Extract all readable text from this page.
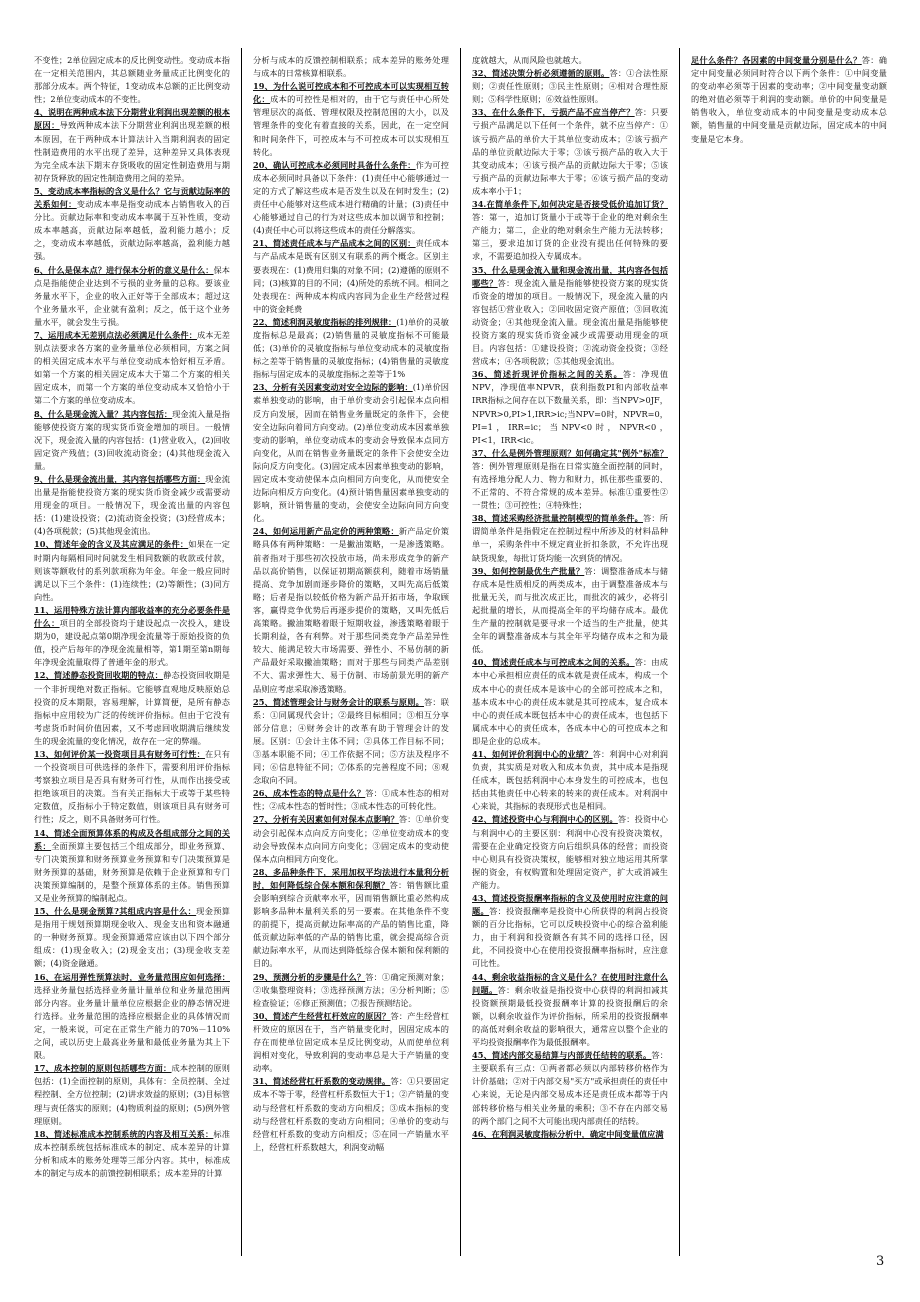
不变性；2单位固定成本的反比例变动性。变动成本指在一定相关范围内，其总额随业务量成正比例变化的那部分成本。两个特征，1变动成本总额的正比例变动性；2单位变动成本的不变性。

4、说明在两种成本法下分期营业利润出现差额的根本原因：导致两种成本法下分期营业利润出现差额的根本原因，在于两种成本计算法计入当期利润表的固定性制造费用的水平出现了差异，这种差异又具体表现为完全成本法下期末存货吸收的固定性制造费用与期初存货释放的固定性制造费用之间的差异。

5、变动成本率指标的含义是什么？它与贡献边际率的关系如何：变动成本率是指变动成本占销售收入的百分比。贡献边际率和变动成本率属于互补性质，变动成本率越高，贡献边际率越低，盈利能力越小；反之，变动成本率越低，贡献边际率越高，盈利能力越强。

6、什么是保本点？进行保本分析的意义是什么：保本点是指能使企业达到不亏损的业务量的总称。要该业务量水平下，企业的收入正好等于全部成本；超过这个业务量水平，企业就有盈利；反之，低于这个业务量水平，就会发生亏损。

7、运用成本无差别点法必须满足什么条件：成本无差别点法要求各方案的业务量单位必须相同，方案之间的相关固定成本水平与单位变动成本恰好相互矛盾。如第一个方案的相关固定成本大于第二个方案的相关固定成本，而第一个方案的单位变动成本又恰恰小于第二个方案的单位变动成本。

8、什么是现金流入量？其内容包括：现金流入量是指能够使投资方案的现实货币资金增加的项目。一般情况下，现金流入量的内容包括：(1)营业收入，(2)回收固定资产残值；(3)回收流动资金；(4)其他现金流入量。

9、什么是现金流出量，其内容包括哪些方面：现金流出量是指能使投资方案的现实货币资金减少或需要动用现金的项目。一般情况下，现金流出量的内容包括：(1)建设投资；(2)流动资金投资；(3)经营成本；(4)各项税款；(5)其他现金流出。

10、简述年金的含义及其应满足的条件：如果在一定时期内每隔相同时间就发生相同数额的收款或付款，则该等额收付的系列款项称为年金。年金一般应同时满足以下三个条件：(1)连续性；(2)等额性；(3)同方向性。

11、运用特殊方法计算内部收益率的充分必要条件是什么：项目的全部投资均于建设起点一次投入，建设期为0，建设起点第0期净现金流量等于原始投资的负值，投产后每年的净现金流量相等，第1期至第n期每年净现金流量取得了普通年金的形式。

12、简述静态投资回收期的特点：静态投资回收期是一个非折现绝对数正指标。它能够直观地反映原始总投资的反本期限，容易理解，计算简便，是所有静态指标中应用较为广泛的传统评价指标。但由于它没有考虑货币时间价值因素，又不考虑回收期满后继续发生的现金流量的变化情况，故存在一定的弊端。

13、如何评价某一投资项目具有财务可行性：在只有一个投资项目可供选择的条件下，需要利用评价指标考察独立项目是否具有财务可行性，从而作出接受或拒绝该项目的决策。当有关正指标大于或等于某些特定数值，反指标小于特定数值，则该项目具有财务可行性；反之，则不具备财务可行性。

14、简述全面预算体系的构成及各组成部分之间的关系：全面预算主要包括三个组成部分，即业务预算、专门决策预算和财务预算业务预算和专门决策预算是财务预算的基础，财务预算是依赖于企业预算和专门决策预算编制的，是整个预算体系的主体。销售预算又是业务预算的编制起点。

15、什么是现金预算?其组成内容是什么：现金预算是指用于规划预算期现金收入、现金支出和资本融通的一种财务预算。现金预算通常应该由以下四个部分组成：(1)现金收入；(2)现金支出；(3)现金收支差额；(4)资金融通。

16、在运用弹性预算法时，业务量范围应如何选择：选择业务量包括选择业务量计量单位和业务量范围两部分内容。业务量计量单位应根据企业的静态情况进行选择。业务量范围的选择应根据企业的具体情况而定，一般来说，可定在正常生产能力的70%－110%之间，或以历史上最高业务量和最低业务量为其上下限。

17、成本控制的原则包括哪些方面：成本控制的原则包括：(1)全面控制的原则，具体有：全员控制、全过程控制、全方位控制；(2)讲求效益的原则；(3)目标管理与责任落实的原则；(4)物质利益的原则；(5)例外管理原则。

18、简述标准成本控制系统的内容及相互关系：标准成本控制系统包括标准成本的制定、成本差异的计算分析和成本的账务处理等三部分内容。其中，标准成本的制定与成本的前馈控制相联系；成本差异的计算

分析与成本的反馈控制相联系；成本差异的账务处理与成本的日常核算相联系。

19、为什么说可控成本和不可控成本可以实现相互转化：成本的可控性是相对的，由于它与责任中心所处管理层次的高低、管理权限及控制范围的大小，以及管理条件的变化有着直接的关系，因此，在一定空间和时间条件下，可控成本与不可控成本可以实现相互转化。

20、确认可控成本必须同时具备什么条件：作为可控成本必须同时具备以下条件：(1)责任中心能够通过一定的方式了解这些成本是否发生以及在何时发生；(2)责任中心能够对这些成本进行精确的计量；(3)责任中心能够通过自己的行为对这些成本加以调节和控制；(4)责任中心可以将这些成本的责任分解落实。

21、简述责任成本与产品成本之间的区别：责任成本与产品成本是既有区别又有联系的两个概念。区别主要表现在：(1)费用归集的对象不同；(2)遵循的原则不同；(3)核算的目的不同；(4)所处的系统不同。相同之处表现在：两种成本构成内容同为企业生产经营过程中的资金耗费

22、简述利润灵敏度指标的排列规律：(1)单价的灵敏度指标总是最高；(2)销售量的灵敏度指标不可能最低；(3)单价的灵敏度指标与单位变动成本的灵敏度指标之差等于销售量的灵敏度指标；(4)销售量的灵敏度指标与固定成本的灵敏度指标之差等于1%

23、分析有关因素变动对安全边际的影响：(1)单价因素单独变动的影响，由于单价变动会引起保本点向相反方向发展，因而在销售业务量既定的条件下，会使安全边际向着同方向变动。(2)单位变动成本因素单独变动的影响，单位变动成本的变动会导致保本点同方向变化，从而在销售业务量既定的条件下会使安全边际向反方向变化。(3)固定成本因素单独变动的影响，固定成本变动使保本点向相同方向变化，从而使安全边际向相反方向变化。(4)预计销售量因素单独变动的影响，预计销售量的变动，会使安全边际向同方向变化。

24、如何运用新产品定价的两种策略：新产品定价策略具体有两种策略：一是撇油策略，一是渗透策略。前者指对于那些初次投放市场，尚未形成竞争的新产品以高价销售，以保证初期高额获利，随着市场销量提高、竞争加剧而逐步降价的策略，又叫先高后低策略；后者是指以较低价格为新产品开拓市场，争取顾客，赢得竞争优势后再逐步提价的策略，又叫先低后高策略。撇油策略着眼于短期收益，渗透策略着眼于长期利益，各有利弊。对于那些同类竞争产品差异性较大、能满足较大市场需要、弹性小、不易仿制的新产品最好采取撇油策略；而对于那些与同类产品差别不大、需求弹性大、易于仿制、市场前景光明的新产品则应考虑采取渗透策略。

25、简述管理会计与财务会计的联系与原则。答：联系：①同属现代会计；②最终目标相同；③相互分享部分信息；④财务会计的改革有助于管理会计的发展。区别：①会计主体不同；②具体工作目标不同；③基本职能不同；④工作依据不同；⑤方法及程序不同；⑥信息特征不同；⑦体系的完善程度不同；⑧观念取向不同。

26、成本性态的特点是什么？答：①成本性态的相对性；②成本性态的暂时性；③成本性态的可转化性。

27、分析有关因素如何对保本点影响？答：①单价变动会引起保本点向反方向变化；②单位变动成本的变动会导致保本点向同方向变化；③固定成本的变动使保本点向相同方向变化。

28、多品种条件下，采用加权平均法进行本量利分析时，如何降低综合保本额和保利额？答：销售额比重会影响到综合贡献率水平，因而销售额比重必然构成影响多品种本量利关系的另一要素。在其他条件不变的前提下，提高贡献边际率高的产品的销售比重，降低贡献边际率低的产品的销售比重，就会提高综合贡献边际率水平，从而达到降低综合保本额和保利额的目的。

29、预测分析的步骤是什么？答：①确定预测对象；②收集整理资料；③选择预测方法；④分析判断；⑤检查验证；⑥修正预测值；⑦报告预测结论。

30、简述产生经营杠杆效应的原因？答：产生经营杠杆效应的原因在于，当产销量变化时，因固定成本的存在而使单位固定成本呈反比例变动，从而使单位利润相对变化，导致利润的变动率总是大于产销量的变动率。

31、简述经营杠杆系数的变动规律。答：①只要固定成本不等于零，经营杠杆系数恒大于1；②产销量的变动与经营杠杆系数的变动方向相反；③成本指标的变动与经营杠杆系数的变动方向相同；④单价的变动与经营杠杆系数的变动方向相反；⑤在同一产销量水平上，经营杠杆系数越大，利润变动幅

度就越大，从而风险也就越大。

32、简述决策分析必须遵循的原则。答：①合法性原则；②责任性原则；③民主性原则；④相对合理性原则；⑤科学性原则；⑥效益性原则。

33、在什么条件下，亏损产品不应当停产？答：只要亏损产品满足以下任何一个条件，就不应当停产：①该亏损产品的单价大于其单位变动成本；②该亏损产品的单位贡献边际大于零；③该亏损产品的收入大于其变动成本；④该亏损产品的贡献边际大于零；⑤该亏损产品的贡献边际率大于零；⑥该亏损产品的变动成本率小于1；

34.在简单条件下,如何决定是否接受低价追加订货？答：第一，追加订货量小于或等于企业的绝对剩余生产能力；第二，企业的绝对剩余生产能力无法转移；第三，要求追加订货的企业没有提出任何特殊的要求，不需要追加投入专属成本。

35、什么是现金流入量和现金流出量，其内容各包括哪些？答：现金流入量是指能够使投资方案的现实货币资金的增加的项目。一般情况下，现金流入量的内容包括①营业收入；②回收固定资产原值；③回收流动资金；④其他现金流入量。现金流出量是指能够使投资方案的现实货币资金减少或需要动用现金的项目。内容包括：①建设投资；②流动资金投资；③经营成本；④各项税款；⑤其他现金流出。

36、简述折现评价指标之间的关系。答：净现值NPV，净现值率NPVR，获利指数PI和内部收益率IRR指标之间存在以下数量关系，即：当NPV>0JF，NPVR>0,PI>1,IRR>ic;当NPV=0时，NPVR=0，PI=1，IRR=ic；当NPV<0时，NPVR<0，PI<1，IRR<ic。

37、什么是例外管理原则？如何确定其"例外"标准？答：例外管理原则是指在日常实施全面控制的同时，有选择地分配人力、物力和财力，抓住那些重要的、不正常的、不符合常规的成本差异。标准①重要性②一贯性；③可控性；④特殊性；

38、简述采购经济批量控制模型的简单条件。答：所谓简单条件是指假定在控制过程中所涉及的材料品种单一，采购条件中不规定商业折扣条款，不允许出现缺货现象，每批订货均能一次到货的情况。

39、如何控制最优生产批量？答：调整准备成本与储存成本是性质相反的两类成本，由于调整准备成本与批量无关，而与批次成正比，而批次的减少，必将引起批量的增长，从而提高全年的平均储存成本。最优生产量的控制就是要寻求一个适当的生产批量，使其全年的调整准备成本与其全年平均储存成本之和为最低。

40、简述责任成本与可控成本之间的关系。答：由成本中心承担相应责任的成本就是责任成本，构成一个成本中心的责任成本是该中心的全部可控成本之和，基本成本中心的责任成本就是其可控成本，复合成本中心的责任成本既包括本中心的责任成本，也包括下属成本中心的责任成本，各成本中心的可控成本之和即是企业的总成本。

41、如何评价利润中心的业绩？答：利润中心对利润负责，其实质是对收入和成本负责，其中成本是指现任成本，既包括利润中心本身发生的可控成本，也包括由其他责任中心转来的转来的责任成本。对利润中心来说，其指标的表现形式也是相同。

42、简述投资中心与利润中心的区别。答：投资中心与利润中心的主要区别：利润中心没有投资决策权，需要在企业确定投资方向后组织具体的经营；而投资中心则具有投资决策权，能够相对独立地运用其所掌握的资金，有权购置和处理固定资产，扩大或消减生产能力。

43、简述投资报酬率指标的含义及使用时应注意的问题。答：投资报酬率是投资中心所获得的利润占投资额的百分比指标，它可以反映投资中心的综合盈利能力，由于利润和投资额各有其不同的选择口径，因此，不同投资中心在使用投资报酬率指标时，应注意可比性。

44、剩余收益指标的含义是什么？在使用时注意什么问题。答：剩余收益是指投资中心获得的利润扣减其投资额预期最低投资报酬率计算的投资报酬后的余额，以剩余收益作为评价指标，所采用的投资报酬率的高低对剩余收益的影响很大，通常应以整个企业的平均投资报酬率作为最低报酬率。

45、简述内部交易结算与内部责任结转的联系。答：主要联系有三点：①两者都必须以内部转移价格作为计价基础；②对于内部交易"买方"或承担责任的责任中心来说，无论是内部交易成本还是责任成本都等于内部转移价格与相关业务量的乘积；③不存在内部交易的两个部门之间不大可能出现内部责任的结转。

46、在利润灵敏度指标分析中，确定中间变量值应满

足什么条件？各因素的中间变量分别是什么？答：确定中间变量必须同时符合以下两个条件：①中间变量的变动率必须等于因素的变动率；②中间变量变动额的绝对值必须等于利润的变动额。单价的中间变量是销售收入，单位变动成本的中间变量是变动成本总额，销售量的中间变量是贡献边际，固定成本的中间变量是它本身。

3
